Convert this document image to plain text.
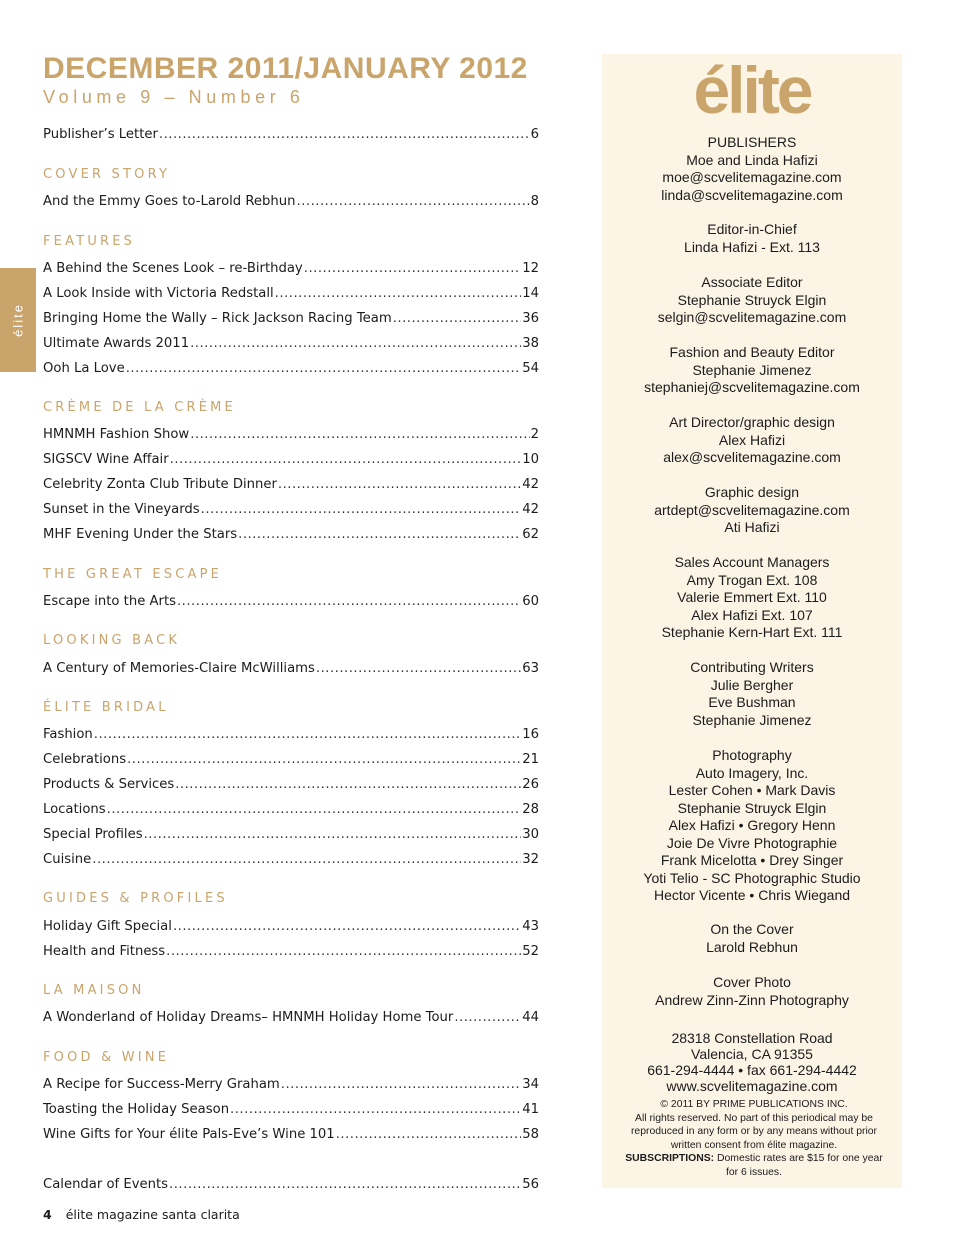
DECEMBER 2011/JANUARY 2012
Volume 9 – Number 6
élite
Publisher’s Letter .....	6
COVER STORY
And the Emmy Goes to-Larold Rebhun .....	8
FEATURES
A Behind the Scenes Look – re-Birthday .....	12
A Look Inside with Victoria Redstall .....	14
Bringing Home the Wally – Rick Jackson Racing Team .....	36
Ultimate Awards 2011 .....	38
Ooh La Love .....	54
CRÈME DE LA CRÈME
HMNMH Fashion Show .....	2
SIGSCV Wine Affair .....	10
Celebrity Zonta Club Tribute Dinner .....	42
Sunset in the Vineyards .....	42
MHF Evening Under the Stars .....	62
THE GREAT ESCAPE
Escape into the Arts .....	60
LOOKING BACK
A Century of Memories-Claire McWilliams .....	63
ÉLITE BRIDAL
Fashion .....	16
Celebrations .....	21
Products & Services .....	26
Locations .....	28
Special Profiles .....	30
Cuisine .....	32
GUIDES & PROFILES
Holiday Gift Special .....	43
Health and Fitness .....	52
LA MAISON
A Wonderland of Holiday Dreams– HMNMH Holiday Home Tour .....	44
FOOD & WINE
A Recipe for Success-Merry Graham .....	34
Toasting the Holiday Season .....	41
Wine Gifts for Your élite Pals-Eve’s Wine 101 .....	58
Calendar of Events .....	56
élite
PUBLISHERS
Moe and Linda Hafizi
moe@scvelitemagazine.com
linda@scvelitemagazine.com
Editor-in-Chief
Linda Hafizi - Ext. 113
Associate Editor
Stephanie Struyck Elgin
selgin@scvelitemagazine.com
Fashion and Beauty Editor
Stephanie Jimenez
stephaniej@scvelitemagazine.com
Art Director/graphic design
Alex Hafizi
alex@scvelitemagazine.com
Graphic design
artdept@scvelitemagazine.com
Ati Hafizi
Sales Account Managers
Amy Trogan Ext. 108
Valerie Emmert Ext. 110
Alex Hafizi Ext. 107
Stephanie Kern-Hart Ext. 111
Contributing Writers
Julie Bergher
Eve Bushman
Stephanie Jimenez
Photography
Auto Imagery, Inc.
Lester Cohen • Mark Davis
Stephanie Struyck Elgin
Alex Hafizi • Gregory Henn
Joie De Vivre Photographie
Frank Micelotta • Drey Singer
Yoti Telio - SC Photographic Studio
Hector Vicente • Chris Wiegand
On the Cover
Larold Rebhun
Cover Photo
Andrew Zinn-Zinn Photography
28318 Constellation Road
Valencia, CA 91355
661-294-4444 • fax 661-294-4442
www.scvelitemagazine.com
© 2011 BY PRIME PUBLICATIONS INC.
All rights reserved. No part of this periodical may be reproduced in any form or by any means without prior written consent from élite magazine.
SUBSCRIPTIONS: Domestic rates are $15 for one year for 6 issues.
4 élite magazine santa clarita
